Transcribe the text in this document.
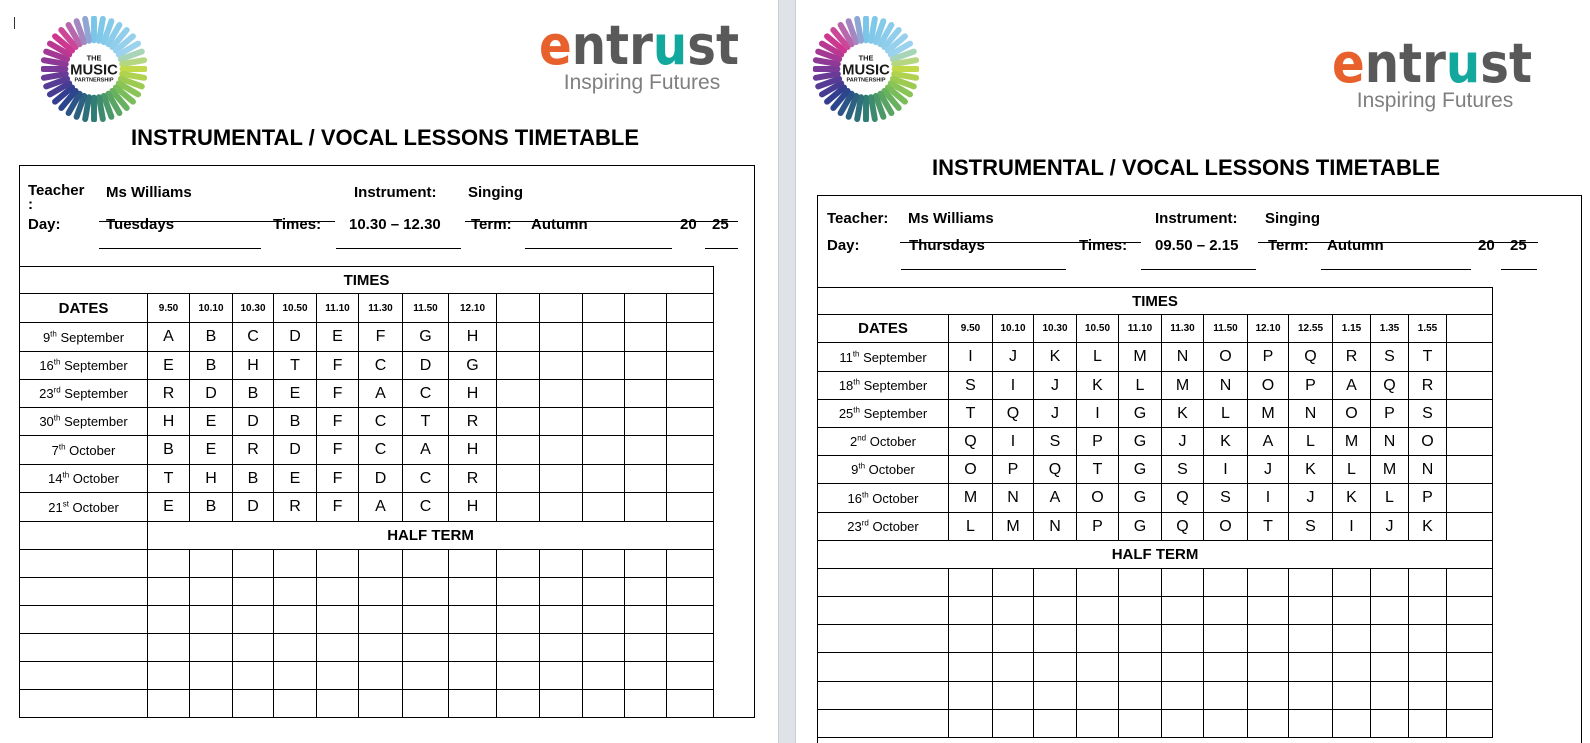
THE
MUSIC
PARTNERSHIP
entrust
Inspiring Futures
INSTRUMENTAL / VOCAL LESSONS TIMETABLE
Teacher
:
Ms Williams	Instrument: Singing
Day:	Tuesdays	Times: 10.30 – 12.30 Term: Autumn	20 25
TIMES														
DATES	9.50	10.10	10.30	10.50	11.10	11.30	11.50	12.10						
9th September	A	B	C	D	E	F	G	H						
16th September	E	B	H	T	F	C	D	G						
23rd September	R	D	B	E	F	A	C	H						
30th September	H	E	D	B	F	C	T	R						
7th October	B	E	R	D	F	C	A	H						
14th October	T	H	B	E	F	D	C	R						
21st October	E	B	D	R	F	A	C	H						
	HALF TERM													

THE
MUSIC
PARTNERSHIP	entrust
Inspiring Futures
INSTRUMENTAL / VOCAL LESSONS TIMETABLE
Teacher: Ms Williams	Instrument: Singing
Day:	Thursdays	Times: 09.50 – 2.15 Term: Autumn	20 25
TIMES														
DATES	9.50	10.10	10.30	10.50	11.10	11.30	11.50	12.10	12.55	1.15	1.35	1.55		
11th September	I	J	K	L	M	N	O	P	Q	R	S	T		
18th September	S	I	J	K	L	M	N	O	P	A	Q	R		
25th September	T	Q	J	I	G	K	L	M	N	O	P	S		
2nd October	Q	I	S	P	G	J	K	A	L	M	N	O		
9th October	O	P	Q	T	G	S	I	J	K	L	M	N		
16th October	M	N	A	O	G	Q	S	I	J	K	L	P		
23rd October	L	M	N	P	G	Q	O	T	S	I	J	K		
HALF TERM														
